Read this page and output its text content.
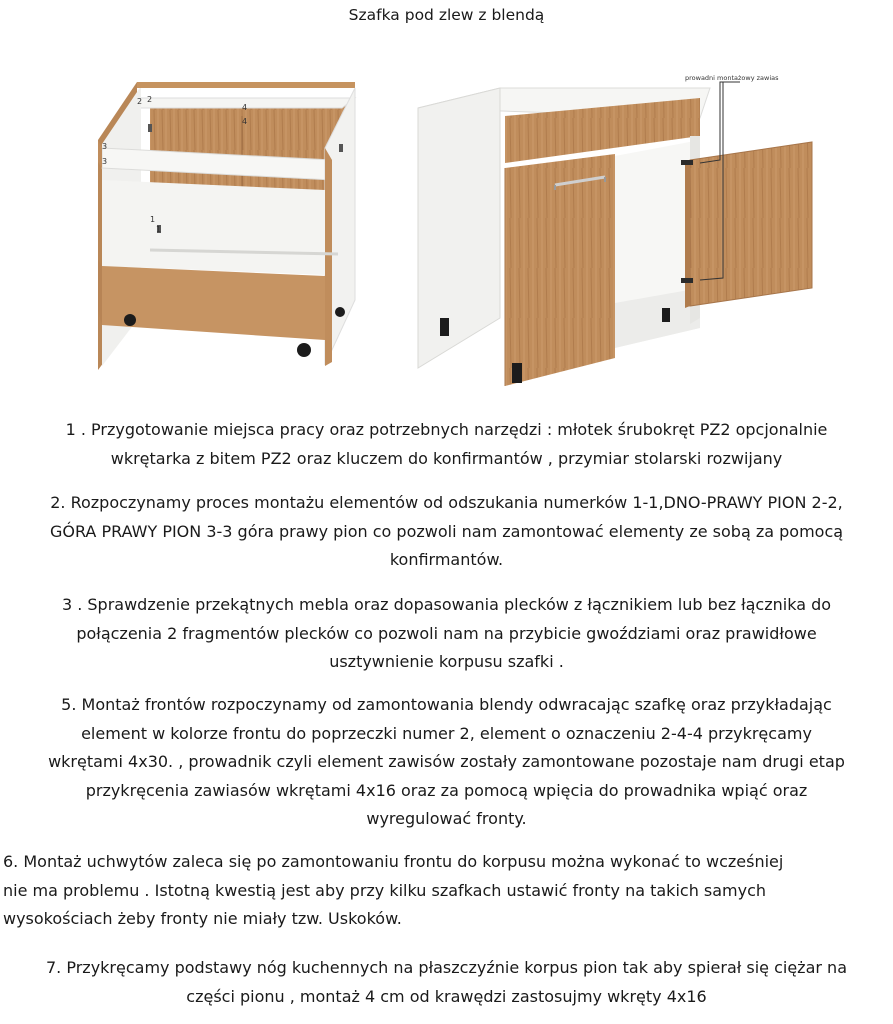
Szafka pod zlew z blendą
2 2
4
4
3
3
1
1
prowadni montażowy zawias

1 . Przygotowanie miejsca pracy oraz potrzebnych narzędzi : młotek śrubokręt PZ2 opcjonalnie
wkrętarka z bitem PZ2 oraz kluczem do konfirmantów , przymiar stolarski rozwijany

2. Rozpoczynamy proces montażu elementów od odszukania numerków 1-1,DNO-PRAWY PION 2-2,
GÓRA PRAWY PION 3-3 góra prawy pion co pozwoli nam zamontować elementy ze sobą za pomocą
konfirmantów.

3 . Sprawdzenie przekątnych mebla oraz dopasowania plecków z łącznikiem lub bez łącznika do
połączenia 2 fragmentów plecków co pozwoli nam na przybicie gwoździami oraz prawidłowe
usztywnienie korpusu szafki .

5. Montaż frontów rozpoczynamy od zamontowania blendy odwracając szafkę oraz przykładając
element w kolorze frontu do poprzeczki numer 2, element o oznaczeniu 2-4-4 przykręcamy
wkrętami 4x30. , prowadnik czyli element zawisów zostały zamontowane pozostaje nam drugi etap
przykręcenia zawiasów wkrętami 4x16 oraz za pomocą wpięcia do prowadnika wpiąć oraz
wyregulować fronty.

6. Montaż uchwytów zaleca się po zamontowaniu frontu do korpusu można wykonać to wcześniej
nie ma problemu . Istotną kwestią jest aby przy kilku szafkach ustawić fronty na takich samych
wysokościach żeby fronty nie miały tzw. Uskoków.

7. Przykręcamy podstawy nóg kuchennych na płaszczyźnie korpus pion tak aby spierał się ciężar na
części pionu , montaż 4 cm od krawędzi zastosujmy wkręty 4x16
